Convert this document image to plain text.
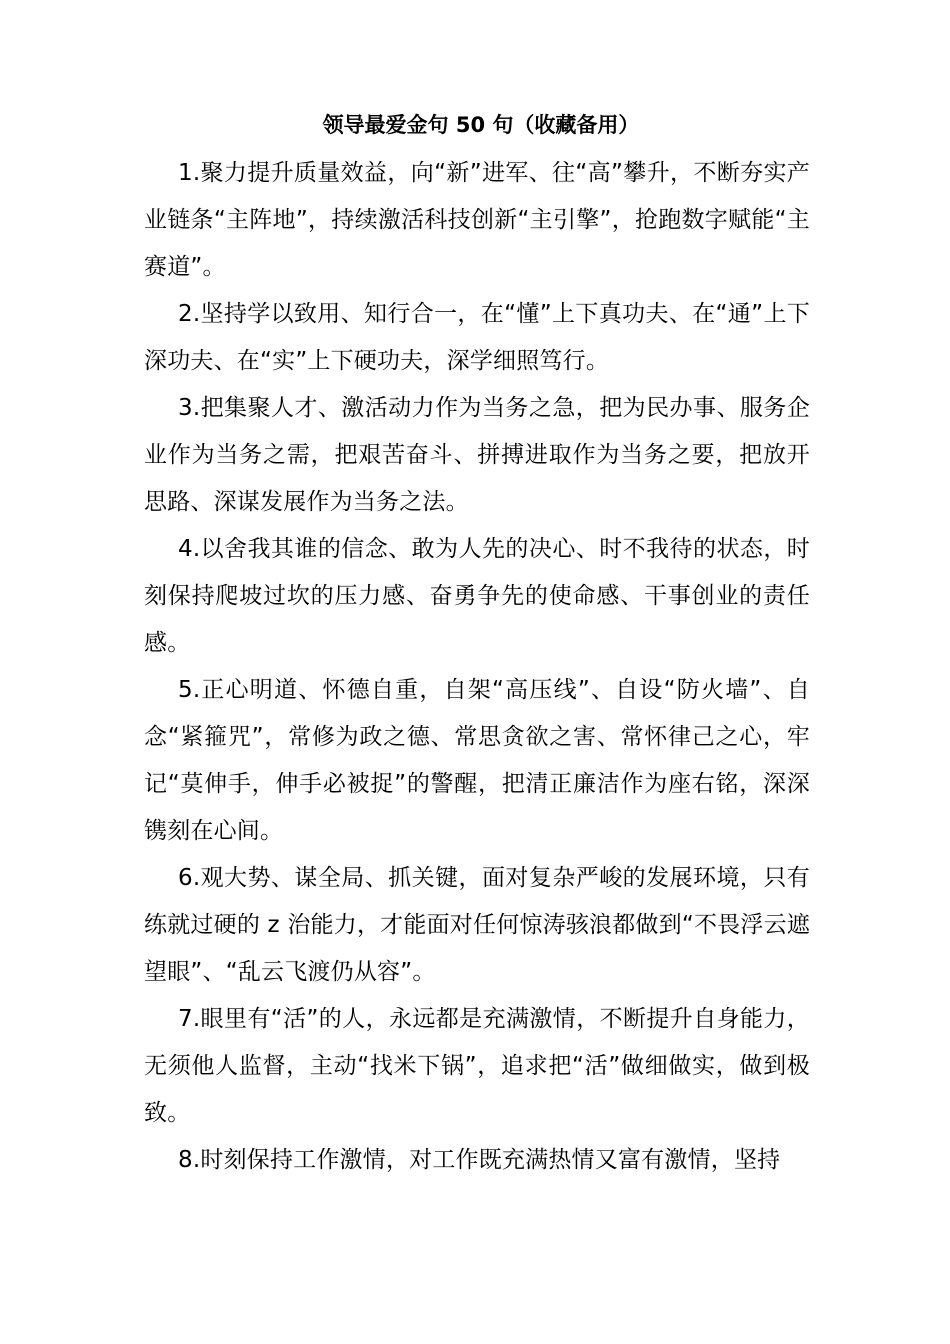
领导最爱金句 50 句（收藏备用）

1.聚力提升质量效益，向“新”进军、往“高”攀升，不断夯实产业链条“主阵地”，持续激活科技创新“主引擎”，抢跑数字赋能“主赛道”。

2.坚持学以致用、知行合一，在“懂”上下真功夫、在“通”上下深功夫、在“实”上下硬功夫，深学细照笃行。

3.把集聚人才、激活动力作为当务之急，把为民办事、服务企业作为当务之需，把艰苦奋斗、拼搏进取作为当务之要，把放开思路、深谋发展作为当务之法。

4.以舍我其谁的信念、敢为人先的决心、时不我待的状态，时刻保持爬坡过坎的压力感、奋勇争先的使命感、干事创业的责任感。

5.正心明道、怀德自重，自架“高压线”、自设“防火墙”、自念“紧箍咒”，常修为政之德、常思贪欲之害、常怀律己之心，牢记“莫伸手，伸手必被捉”的警醒，把清正廉洁作为座右铭，深深镌刻在心间。

6.观大势、谋全局、抓关键，面对复杂严峻的发展环境，只有练就过硬的 z 治能力，才能面对任何惊涛骇浪都做到“不畏浮云遮望眼”、“乱云飞渡仍从容”。

7.眼里有“活”的人，永远都是充满激情，不断提升自身能力，无须他人监督，主动“找米下锅”，追求把“活”做细做实，做到极致。

8.时刻保持工作激情，对工作既充满热情又富有激情，坚持
